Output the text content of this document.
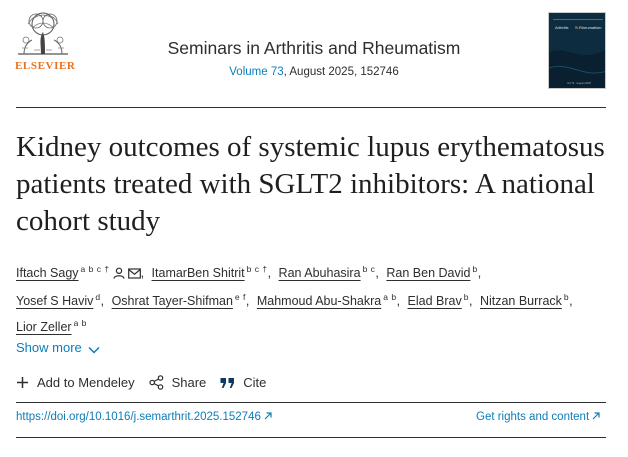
ELSEVIER
Seminars in Arthritis and Rheumatism
Volume 73, August 2025, 152746
Arthritis & Rheumatism
Vol 73 · August 2025
Kidney outcomes of systemic lupus erythematosus patients treated with SGLT2 inhibitors: A national cohort study
Iftach Sagy $^{a b c \dagger}$ , ItamarBen Shitrit $^{b c \dagger}$, Ran Abuhasira $^{b c}$, Ran Ben David $^b$,
Yosef S Haviv $^d$, Oshrat Tayer-Shifman $^{e f}$, Mahmoud Abu-Shakra $^{a b}$, Elad Brav $^b$, Nitzan Burrack $^b$,
Lior Zeller $^{a b}$
Show more
Add to Mendeley	Share	Cite
https://doi.org/10.1016/j.semarthrit.2025.152746	Get rights and content
